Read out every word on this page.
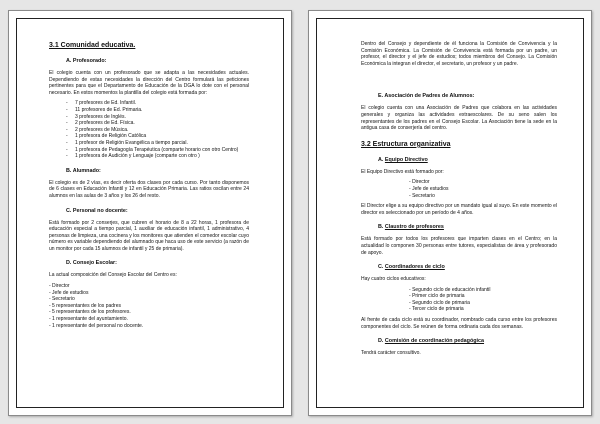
3.1 Comunidad educativa.
A. Profesorado:

El colegio cuenta con un profesorado que se adapta a las necesidades actuales. Dependiendo de estas necesidades la dirección del Centro formulará las peticiones pertinentes para que el Departamento de Educación de la DGA lo dote con el personal necesario. En estos momentos la plantilla del colegio está formada por:

- 7 profesores de Ed. Infantil.
- 11 profesores de Ed. Primaria.
- 3 profesores de Inglés.
- 2 profesores de Ed. Física.
- 2 profesores de Música.
- 1 profesora de Religión Católica
- 1 profesor de Religión Evangélica a tiempo parcial.
- 1 profesora de Pedagogía Terapéutica (comparte horario con otro Centro)
- 1 profesora de Audición y Lenguaje (comparte con otro )
B. Alumnado:

El colegio es de 2 vías, es decir oferta dos clases por cada curso. Por tanto disponemos de 6 clases en Educación Infantil y 12 en Educación Primaria. Las ratios oscilan entre 24 alumnos en las aulas de 3 años y los 26 del resto.

C. Personal no docente:

Está formado por 2 conserjes, que cubren el horario de 8 a 22 horas, 1 profesora de educación especial a tiempo parcial, 1 auxiliar de educación infantil, 1 administrativo, 4 personas de limpieza, una cocinera y los monitores que atienden el comedor escolar cuyo número es variable dependiendo del alumnado que haca uso de este servicio (a razón de un monitor por cada 15 alumnos de infantil y 25 de primaria).

D. Consejo Escolar:

La actual composición del Consejo Escolar del Centro es:

- Director
- Jefe de estudios
- Secretario
- 5 representantes de los padres
- 5 representantes de los profesores.
- 1 representante del ayuntamiento.
- 1 representante del personal no docente.

Dentro del Consejo y dependiente de él funciona la Comisión de Convivencia y la Comisión Económica. La Comisión de Convivencia está formada por un padre, un profesor, el director y el jefe de estudios; todos miembros del Consejo. La Comisión Económica la integran el director, el secretario, un profesor y un padre.

E. Asociación de Padres de Alumnos:

El colegio cuenta con una Asociación de Padres que colabora en las actividades generales y organiza las actividades extraescolares. De su seno salen los representantes de los padres en el Consejo Escolar. La Asociación tiene la sede en la antigua casa de conserjería del centro.

3.2 Estructura organizativa
A. Equipo Directivo

El Equipo Directivo está formado por:

- Director
- Jefe de estudios
- Secretario

El Director elige a su equipo directivo por un mandato igual al suyo. En este momento el director es seleccionado por un período de 4 años.

B. Claustro de profesores

Está formado por todos los profesores que imparten clases en el Centro; en la actualidad lo componen 30 personas entre tutores, especialistas de área y profesorado de apoyo.

C. Coordinadores de ciclo

Hay cuatro ciclos educativos:

- Segundo ciclo de educación infantil
- Primer ciclo de primaria
- Segundo ciclo de primaria
- Tercer ciclo de primaria

Al frente de cada ciclo está su coordinador, nombrado cada curso entre los profesores componentes del ciclo. Se reúnen de forma ordinaria cada dos semanas.

D. Comisión de coordinación pedagógica

Tendrá carácter consultivo.
